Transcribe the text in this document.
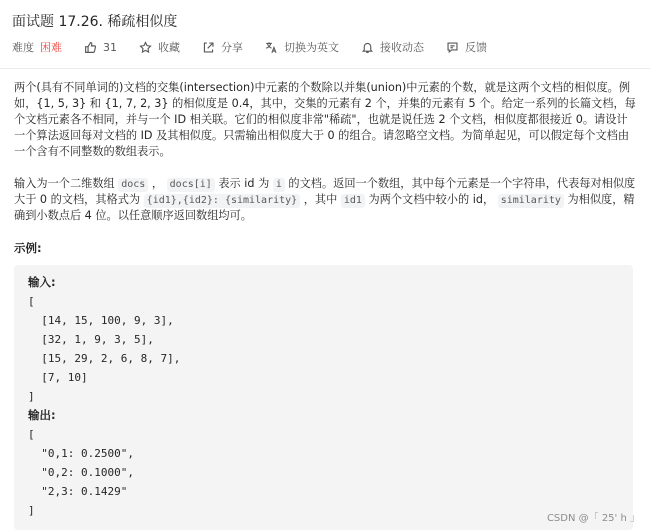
面试题 17.26. 稀疏相似度
难度 困难	31	收藏	分享	切换为英文	接收动态	反馈
两个(具有不同单词的)文档的交集(intersection)中元素的个数除以并集(union)中元素的个数，就是这两个文档的相似度。例如，{1, 5, 3} 和 {1, 7, 2, 3} 的相似度是 0.4，其中，交集的元素有 2 个，并集的元素有 5 个。给定一系列的长篇文档，每个文档元素各不相同，并与一个 ID 相关联。它们的相似度非常"稀疏"，也就是说任选 2 个文档，相似度都很接近 0。请设计一个算法返回每对文档的 ID 及其相似度。只需输出相似度大于 0 的组合。请忽略空文档。为简单起见，可以假定每个文档由一个含有不同整数的数组表示。
输入为一个二维数组 docs ， docs[i] 表示 id 为 i 的文档。返回一个数组，其中每个元素是一个字符串，代表每对相似度大于 0 的文档，其格式为 {id1},{id2}: {similarity} ，其中 id1 为两个文档中较小的 id， similarity 为相似度，精确到小数点后 4 位。以任意顺序返回数组均可。
示例:
输入:
[
[14, 15, 100, 9, 3],
[32, 1, 9, 3, 5],
[15, 29, 2, 6, 8, 7],
[7, 10]
]
输出:
[
"0,1: 0.2500",
"0,2: 0.1000",
"2,3: 0.1429"
]
CSDN @「 25' h 」
